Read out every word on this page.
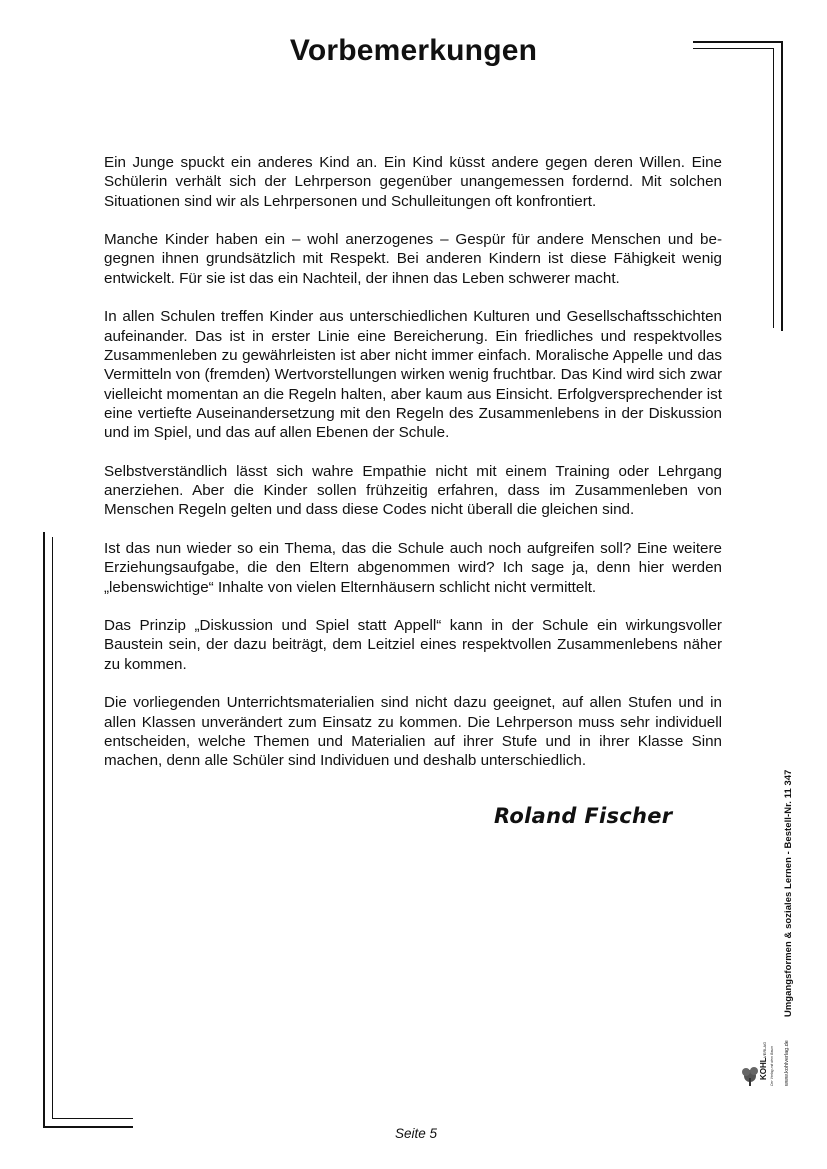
Vorbemerkungen

Ein Junge spuckt ein anderes Kind an. Ein Kind küsst andere gegen deren Willen. Eine Schülerin verhält sich der Lehrperson gegenüber unangemessen fordernd. Mit solchen Situationen sind wir als Lehrpersonen und Schulleitungen oft konfrontiert.

Manche Kinder haben ein – wohl anerzogenes – Gespür für andere Menschen und begegnen ihnen grundsätzlich mit Respekt. Bei anderen Kindern ist diese Fähigkeit wenig entwickelt. Für sie ist das ein Nachteil, der ihnen das Leben schwerer macht.

In allen Schulen treffen Kinder aus unterschiedlichen Kulturen und Gesellschaftsschichten aufeinander. Das ist in erster Linie eine Bereicherung. Ein friedliches und respektvolles Zusammenleben zu gewährleisten ist aber nicht immer einfach. Moralische Appelle und das Vermitteln von (fremden) Wertvorstellungen wirken wenig fruchtbar. Das Kind wird sich zwar vielleicht momentan an die Regeln halten, aber kaum aus Einsicht. Erfolgversprechender ist eine vertiefte Auseinandersetzung mit den Regeln des Zusammenlebens in der Diskussion und im Spiel, und das auf allen Ebenen der Schule.

Selbstverständlich lässt sich wahre Empathie nicht mit einem Training oder Lehrgang anerziehen. Aber die Kinder sollen frühzeitig erfahren, dass im Zusammenleben von Menschen Regeln gelten und dass diese Codes nicht überall die gleichen sind.

Ist das nun wieder so ein Thema, das die Schule auch noch aufgreifen soll? Eine weitere Erziehungsaufgabe, die den Eltern abgenommen wird? Ich sage ja, denn hier werden „lebenswichtige“ Inhalte von vielen Elternhäusern schlicht nicht vermittelt.

Das Prinzip „Diskussion und Spiel statt Appell“ kann in der Schule ein wirkungsvoller Baustein sein, der dazu beiträgt, dem Leitziel eines respektvollen Zusammenlebens näher zu kommen.

Die vorliegenden Unterrichtsmaterialien sind nicht dazu geeignet, auf allen Stufen und in allen Klassen unverändert zum Einsatz zu kommen. Die Lehrperson muss sehr individuell entscheiden, welche Themen und Materialien auf ihrer Stufe und in ihrer Klasse Sinn machen, denn alle Schüler sind Individuen und deshalb unterschiedlich.

Roland Fischer	Umgangsformen & soziales Lernen - Bestell-Nr. 11 347
KOHL
VERLAG Der Verlag mit dem Baum www.kohlverlag.de
Seite 5
